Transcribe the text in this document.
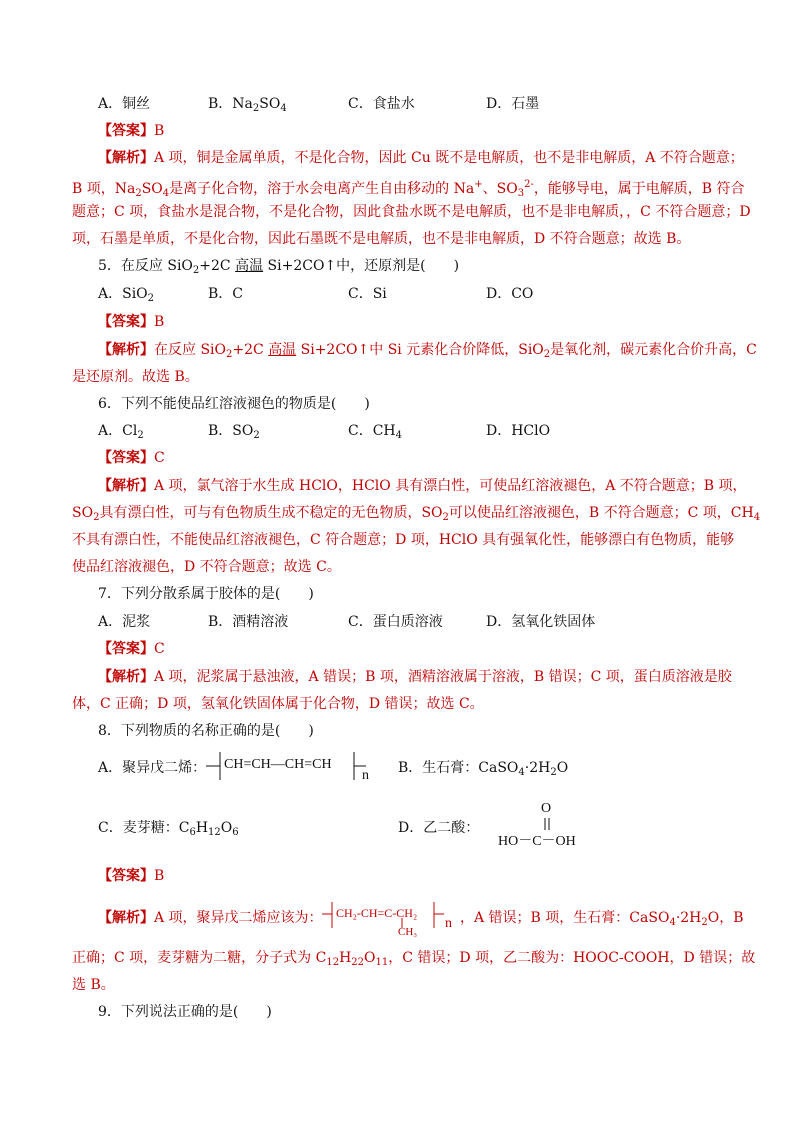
A．铜丝	B．$Na_2SO_4$	C．食盐水	D．石墨
【答案】B
【解析】A 项，铜是金属单质，不是化合物，因此 Cu 既不是电解质，也不是非电解质，A 不符合题意；
B 项，$Na_2SO_4$是离子化合物，溶于水会电离产生自由移动的 Na+、$SO_3^{2-}$，能够导电，属于电解质，B 符合
题意；C 项，食盐水是混合物，不是化合物，因此食盐水既不是电解质，也不是非电解质，，C 不符合题意；D
项，石墨是单质，不是化合物，因此石墨既不是电解质，也不是非电解质，D 不符合题意；故选 B。
5．在反应 SiO$_2$+2C 高温 Si+2CO↑中，还原剂是(　　)
A．SiO$_2$	B．C	C．Si	D．CO
【答案】B
【解析】在反应 SiO$_2$+2C 高温 Si+2CO↑中 Si 元素化合价降低，SiO$_2$是氧化剂，碳元素化合价升高，C
是还原剂。故选 B。
6．下列不能使品红溶液褪色的物质是(　　)
A．$Cl_2$	B．$SO_2$	C．$CH_4$	D．HClO
【答案】C
【解析】A 项，氯气溶于水生成 HClO，HClO 具有漂白性，可使品红溶液褪色，A 不符合题意；B 项，
$SO_2$具有漂白性，可与有色物质生成不稳定的无色物质，$SO_2$可以使品红溶液褪色，B 不符合题意；C 项，$CH_4$
不具有漂白性，不能使品红溶液褪色，C 符合题意；D 项，HClO 具有强氧化性，能够漂白有色物质，能够
使品红溶液褪色，D 不符合题意；故选 C。
7．下列分散系属于胶体的是(　　)
A．泥浆	B．酒精溶液	C．蛋白质溶液	D．氢氧化铁固体
【答案】C
【解析】A 项，泥浆属于悬浊液，A 错误；B 项，酒精溶液属于溶液，B 错误；C 项，蛋白质溶液是胶
体，C 正确；D 项，氢氧化铁固体属于化合物，D 错误；故选 C。
8．下列物质的名称正确的是(　　)
A．聚异戊二烯： CH=CH—CH=CH
n B．生石膏：$CaSO_4\cdot 2H_2O$
C．麦芽糖：$C_6H_{12}O_6$	D．乙二酸：
O
HO－C－OH
【答案】B
【解析】A 项，聚异戊二烯应该为： CH₂-CH=C-CH₂
CH₃
n ，A 错误；B 项，生石膏：$CaSO_4\cdot 2H_2O$，B
正确；C 项，麦芽糖为二糖，分子式为 $C_{12}H_{22}O_{11}$，C 错误；D 项，乙二酸为：HOOC-COOH，D 错误；故
选 B。
9．下列说法正确的是(　　)
